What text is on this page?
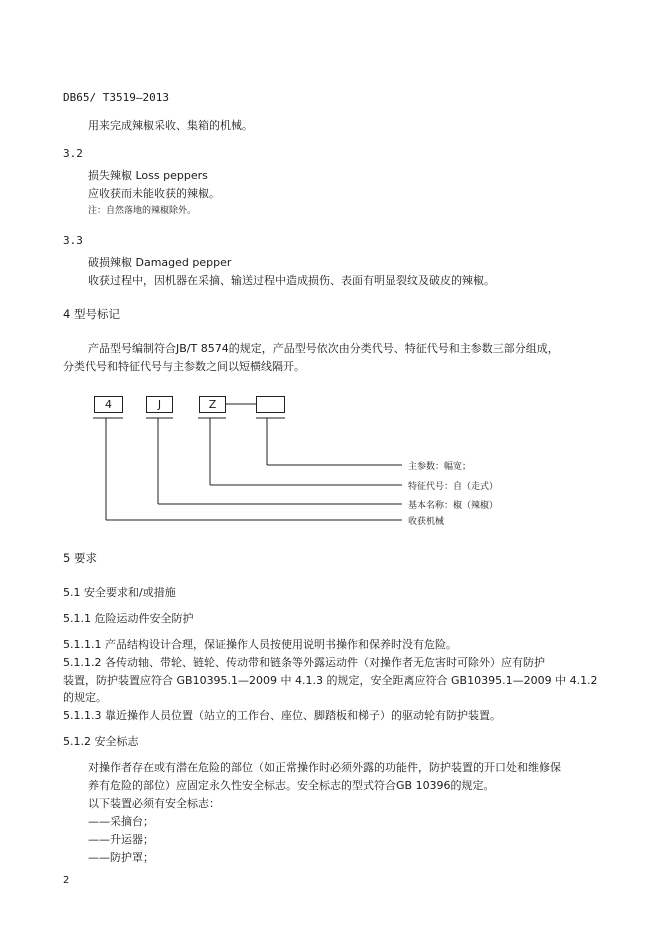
DB65/ T3519—2013
用来完成辣椒采收、集箱的机械。
3.2
损失辣椒 Loss peppers
应收获而未能收获的辣椒。
注：自然落地的辣椒除外。
3.3
破损辣椒 Damaged pepper
收获过程中，因机器在采摘、输送过程中造成损伤、表面有明显裂纹及破皮的辣椒。
4 型号标记
产品型号编制符合JB/T 8574的规定，产品型号依次由分类代号、特征代号和主参数三部分组成，
分类代号和特征代号与主参数之间以短横线隔开。
4	J	Z
主参数：幅宽；
特征代号：自（走式）
基本名称：椒（辣椒）
收获机械
5 要求
5.1 安全要求和/或措施
5.1.1 危险运动件安全防护
5.1.1.1 产品结构设计合理，保证操作人员按使用说明书操作和保养时没有危险。
5.1.1.2 各传动轴、带轮、链轮、传动带和链条等外露运动件（对操作者无危害时可除外）应有防护
装置，防护装置应符合 GB10395.1—2009 中 4.1.3 的规定，安全距离应符合 GB10395.1—2009 中 4.1.2
的规定。
5.1.1.3 靠近操作人员位置（站立的工作台、座位、脚踏板和梯子）的驱动轮有防护装置。
5.1.2 安全标志
对操作者存在或有潜在危险的部位（如正常操作时必须外露的功能件，防护装置的开口处和维修保
养有危险的部位）应固定永久性安全标志。安全标志的型式符合GB 10396的规定。
以下装置必须有安全标志：
——采摘台；
——升运器；
——防护罩；
2
